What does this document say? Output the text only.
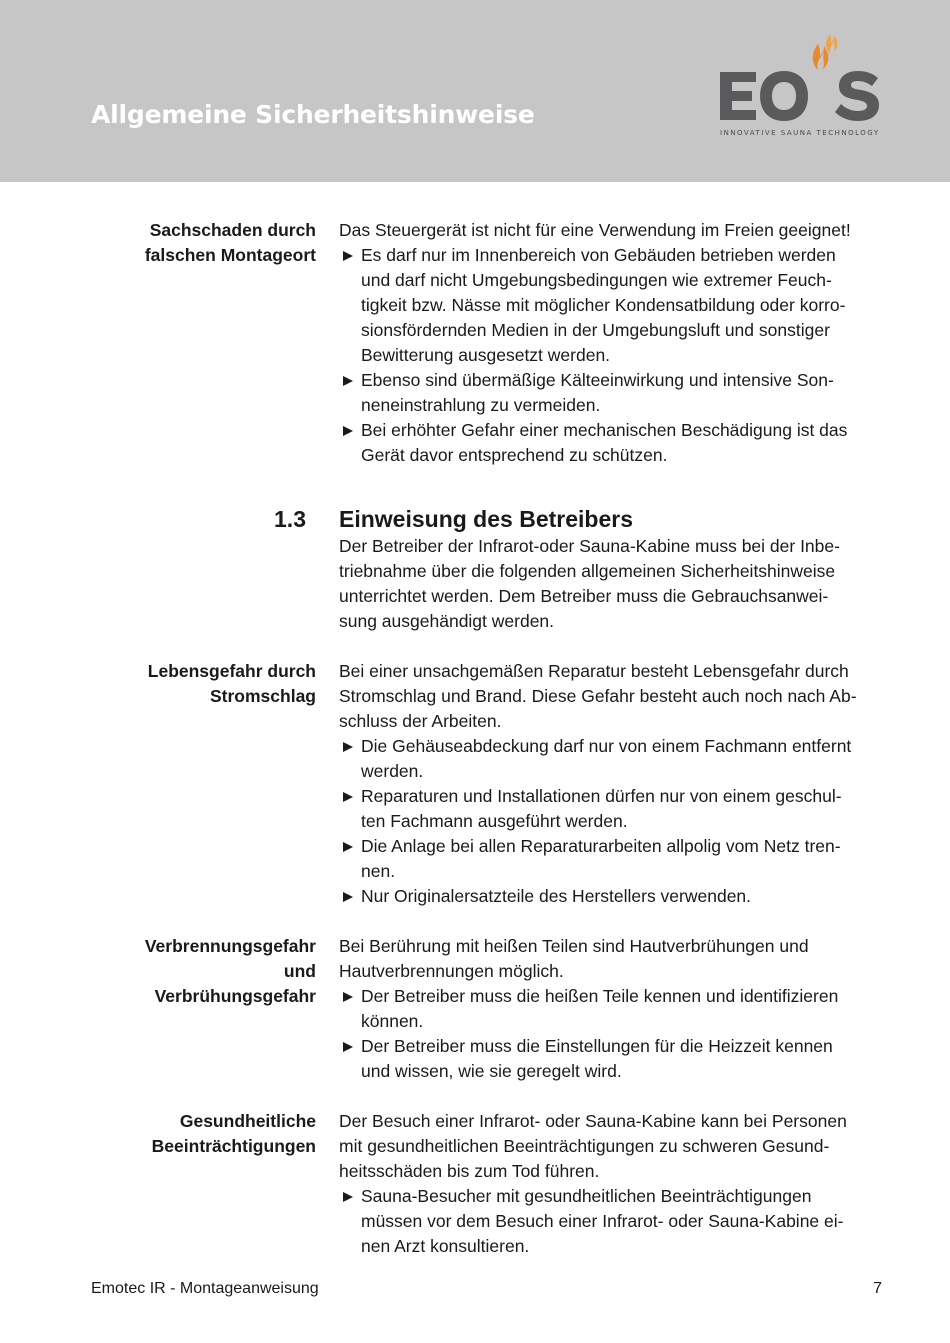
Allgemeine Sicherheitshinweise
INNOVATIVE SAUNA TECHNOLOGY
Sachschaden durch
falschen Montageort

Das Steuergerät ist nicht für eine Verwendung im Freien geeignet!

Es darf nur im Innenbereich von Gebäuden betrieben werden
und darf nicht Umgebungsbedingungen wie extremer Feuch-
tigkeit bzw. Nässe mit möglicher Kondensatbildung oder korro-
sionsfördernden Medien in der Umgebungsluft und sonstiger
Bewitterung ausgesetzt werden.
Ebenso sind übermäßige Kälteeinwirkung und intensive Son-
neneinstrahlung zu vermeiden.
Bei erhöhter Gefahr einer mechanischen Beschädigung ist das
Gerät davor entsprechend zu schützen.
1.3 Einweisung des Betreibers

Der Betreiber der Infrarot-oder Sauna-Kabine muss bei der Inbe-

triebnahme über die folgenden allgemeinen Sicherheitshinweise

unterrichtet werden. Dem Betreiber muss die Gebrauchsanwei-

sung ausgehändigt werden.

Lebensgefahr durch
Stromschlag

Bei einer unsachgemäßen Reparatur besteht Lebensgefahr durch

Stromschlag und Brand. Diese Gefahr besteht auch noch nach Ab-

schluss der Arbeiten.

Die Gehäuseabdeckung darf nur von einem Fachmann entfernt
werden.
Reparaturen und Installationen dürfen nur von einem geschul-
ten Fachmann ausgeführt werden.
Die Anlage bei allen Reparaturarbeiten allpolig vom Netz tren-
nen.
Nur Originalersatzteile des Herstellers verwenden.
Verbrennungsgefahr
und
Verbrühungsgefahr

Bei Berührung mit heißen Teilen sind Hautverbrühungen und

Hautverbrennungen möglich.

Der Betreiber muss die heißen Teile kennen und identifizieren
können.
Der Betreiber muss die Einstellungen für die Heizzeit kennen
und wissen, wie sie geregelt wird.
Gesundheitliche
Beeinträchtigungen

Der Besuch einer Infrarot- oder Sauna-Kabine kann bei Personen

mit gesundheitlichen Beeinträchtigungen zu schweren Gesund-

heitsschäden bis zum Tod führen.

Sauna-Besucher mit gesundheitlichen Beeinträchtigungen
müssen vor dem Besuch einer Infrarot- oder Sauna-Kabine ei-
nen Arzt konsultieren.
Emotec IR - Montageanweisung	7
